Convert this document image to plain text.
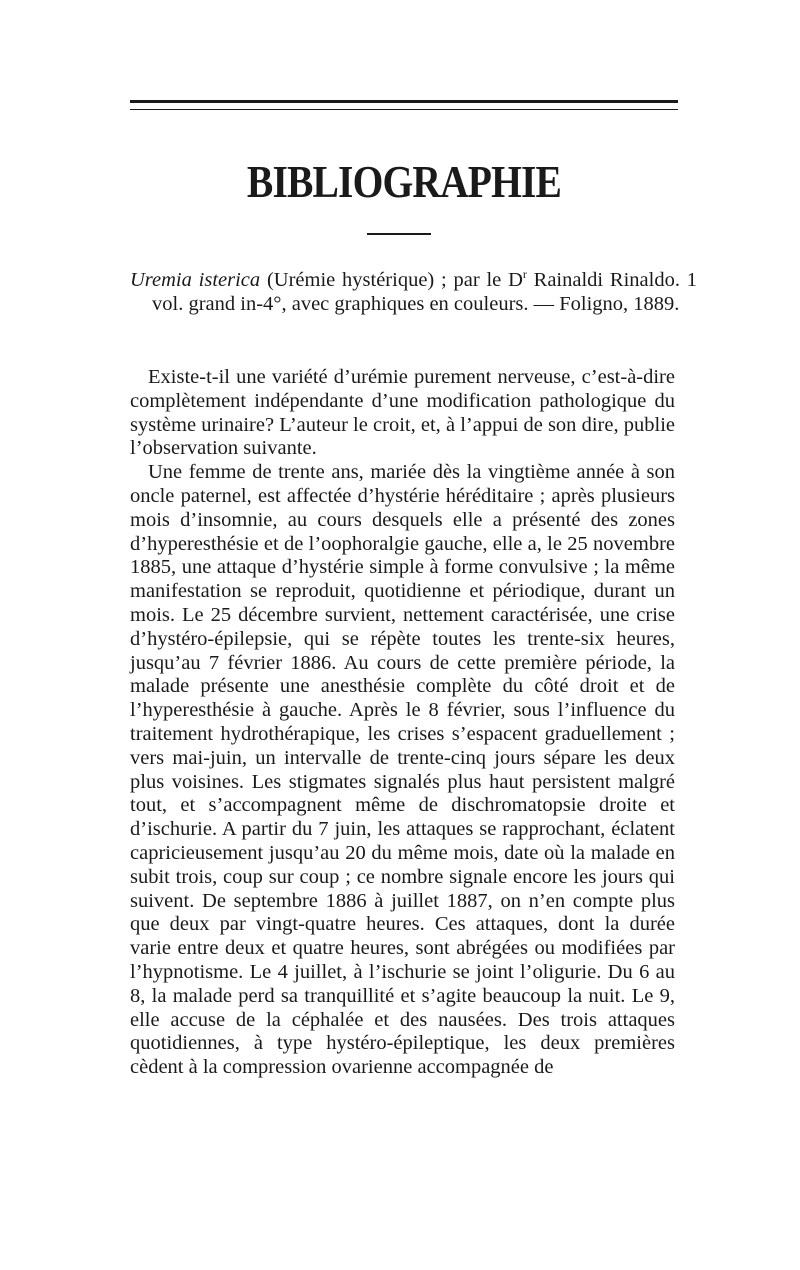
BIBLIOGRAPHIE

Uremia isterica (Urémie hystérique) ; par le $D^r$ Rainaldi Rinaldo. 1 vol. grand in-4°, avec graphiques en couleurs. — Foligno, 1889.

Existe-t-il une variété d’urémie purement nerveuse, c’est-à-dire complètement indépendante d’une modification pathologique du système urinaire? L’auteur le croit, et, à l’appui de son dire, publie l’observation suivante.

Une femme de trente ans, mariée dès la vingtième année à son oncle paternel, est affectée d’hystérie héréditaire ; après plusieurs mois d’insomnie, au cours desquels elle a présenté des zones d’hyperesthésie et de l’oophoralgie gauche, elle a, le 25 novembre 1885, une attaque d’hystérie simple à forme convulsive ; la même manifestation se reproduit, quotidienne et périodique, durant un mois. Le 25 décembre survient, nettement caractérisée, une crise d’hystéro-épilepsie, qui se répète toutes les trente-six heures, jusqu’au 7 février 1886. Au cours de cette première période, la malade présente une anesthésie complète du côté droit et de l’hyperesthésie à gauche. Après le 8 février, sous l’influence du traitement hydrothérapique, les crises s’espacent graduellement ; vers mai-juin, un intervalle de trente-cinq jours sépare les deux plus voisines. Les stigmates signalés plus haut persistent malgré tout, et s’accompagnent même de dischromatopsie droite et d’ischurie. A partir du 7 juin, les attaques se rapprochant, éclatent capricieusement jusqu’au 20 du même mois, date où la malade en subit trois, coup sur coup ; ce nombre signale encore les jours qui suivent. De septembre 1886 à juillet 1887, on n’en compte plus que deux par vingt-quatre heures. Ces attaques, dont la durée varie entre deux et quatre heures, sont abrégées ou modifiées par l’hypnotisme. Le 4 juillet, à l’ischurie se joint l’oligurie. Du 6 au 8, la malade perd sa tranquillité et s’agite beaucoup la nuit. Le 9, elle accuse de la céphalée et des nausées. Des trois attaques quotidiennes, à type hystéro-épileptique, les deux premières cèdent à la compression ovarienne accompagnée de
